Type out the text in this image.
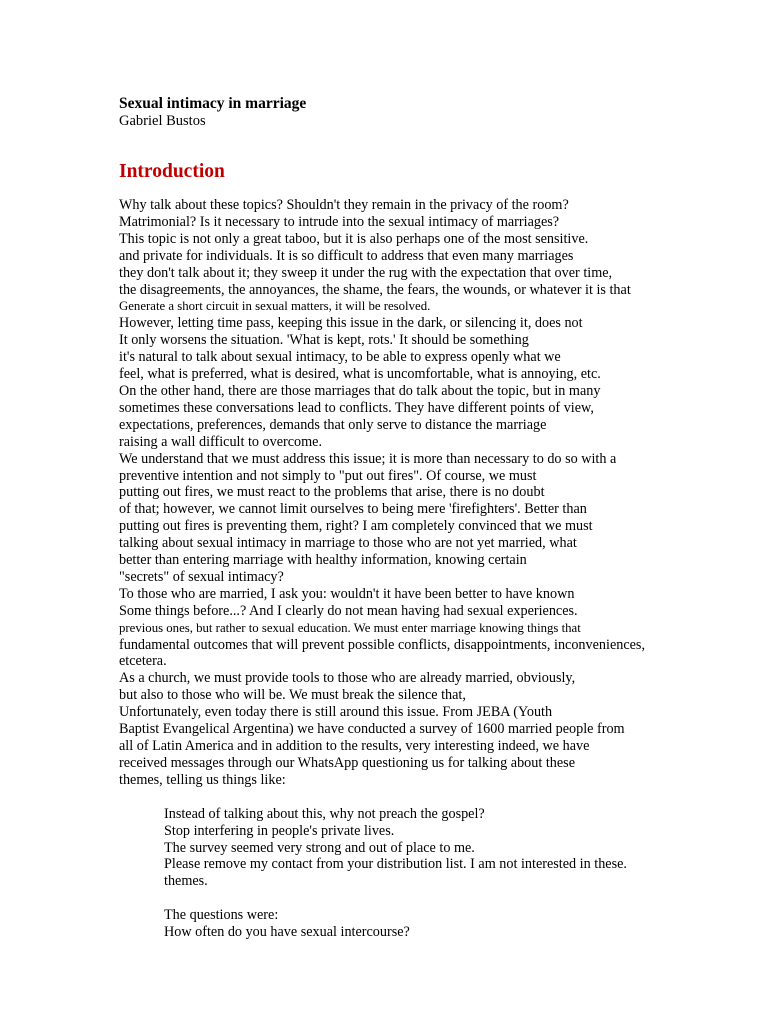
Sexual intimacy in marriage
Gabriel Bustos
Introduction
Why talk about these topics? Shouldn't they remain in the privacy of the room?
Matrimonial? Is it necessary to intrude into the sexual intimacy of marriages?
This topic is not only a great taboo, but it is also perhaps one of the most sensitive.
and private for individuals. It is so difficult to address that even many marriages
they don't talk about it; they sweep it under the rug with the expectation that over time,
the disagreements, the annoyances, the shame, the fears, the wounds, or whatever it is that
Generate a short circuit in sexual matters, it will be resolved.
However, letting time pass, keeping this issue in the dark, or silencing it, does not
It only worsens the situation. 'What is kept, rots.' It should be something
it's natural to talk about sexual intimacy, to be able to express openly what we
feel, what is preferred, what is desired, what is uncomfortable, what is annoying, etc.
On the other hand, there are those marriages that do talk about the topic, but in many
sometimes these conversations lead to conflicts. They have different points of view,
expectations, preferences, demands that only serve to distance the marriage
raising a wall difficult to overcome.
We understand that we must address this issue; it is more than necessary to do so with a
preventive intention and not simply to "put out fires". Of course, we must
putting out fires, we must react to the problems that arise, there is no doubt
of that; however, we cannot limit ourselves to being mere 'firefighters'. Better than
putting out fires is preventing them, right? I am completely convinced that we must
talking about sexual intimacy in marriage to those who are not yet married, what
better than entering marriage with healthy information, knowing certain
"secrets" of sexual intimacy?
To those who are married, I ask you: wouldn't it have been better to have known
Some things before...? And I clearly do not mean having had sexual experiences.
previous ones, but rather to sexual education. We must enter marriage knowing things that
fundamental outcomes that will prevent possible conflicts, disappointments, inconveniences,
etcetera.
As a church, we must provide tools to those who are already married, obviously,
but also to those who will be. We must break the silence that,
Unfortunately, even today there is still around this issue. From JEBA (Youth
Baptist Evangelical Argentina) we have conducted a survey of 1600 married people from
all of Latin America and in addition to the results, very interesting indeed, we have
received messages through our WhatsApp questioning us for talking about these
themes, telling us things like:
Instead of talking about this, why not preach the gospel?
Stop interfering in people's private lives.
The survey seemed very strong and out of place to me.
Please remove my contact from your distribution list. I am not interested in these.
themes.
The questions were:
How often do you have sexual intercourse?
